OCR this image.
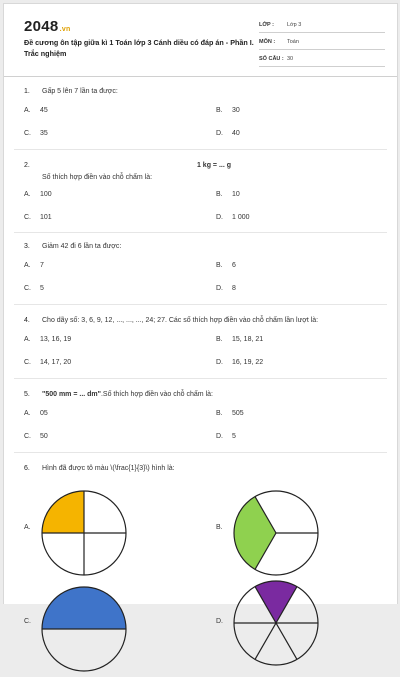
2048.vn
Đề cương ôn tập giữa kì 1 Toán lớp 3 Cánh diều có đáp án - Phần I. Trắc nghiệm
LỚP : Lớp 3
MÔN : Toán
SỐ CÂU : 30
1.	Gấp 5 lên 7 lần ta được:
A.	45	B.	30
C.	35	D.	40
2.	1 kg = ... g
Số thích hợp điền vào chỗ chấm là:
A.	100	B.	10
C.	101	D.	1 000
3.	Giảm 42 đi 6 lần ta được:
A.	7	B.	6
C.	5	D.	8
4.	Cho dãy số: 3, 6, 9, 12, ..., ..., ..., 24; 27. Các số thích hợp điền vào chỗ chấm lần lượt là:
A.	13, 16, 19	B.	15, 18, 21
C.	14, 17, 20	D.	16, 19, 22
5.	"500 mm = ... dm".Số thích hợp điền vào chỗ chấm là:
A.	05	B.	505
C.	50	D.	5
6.	Hình đã được tô màu \(\frac{1}{3}\) hình là:
A.	B.
C.	D.
